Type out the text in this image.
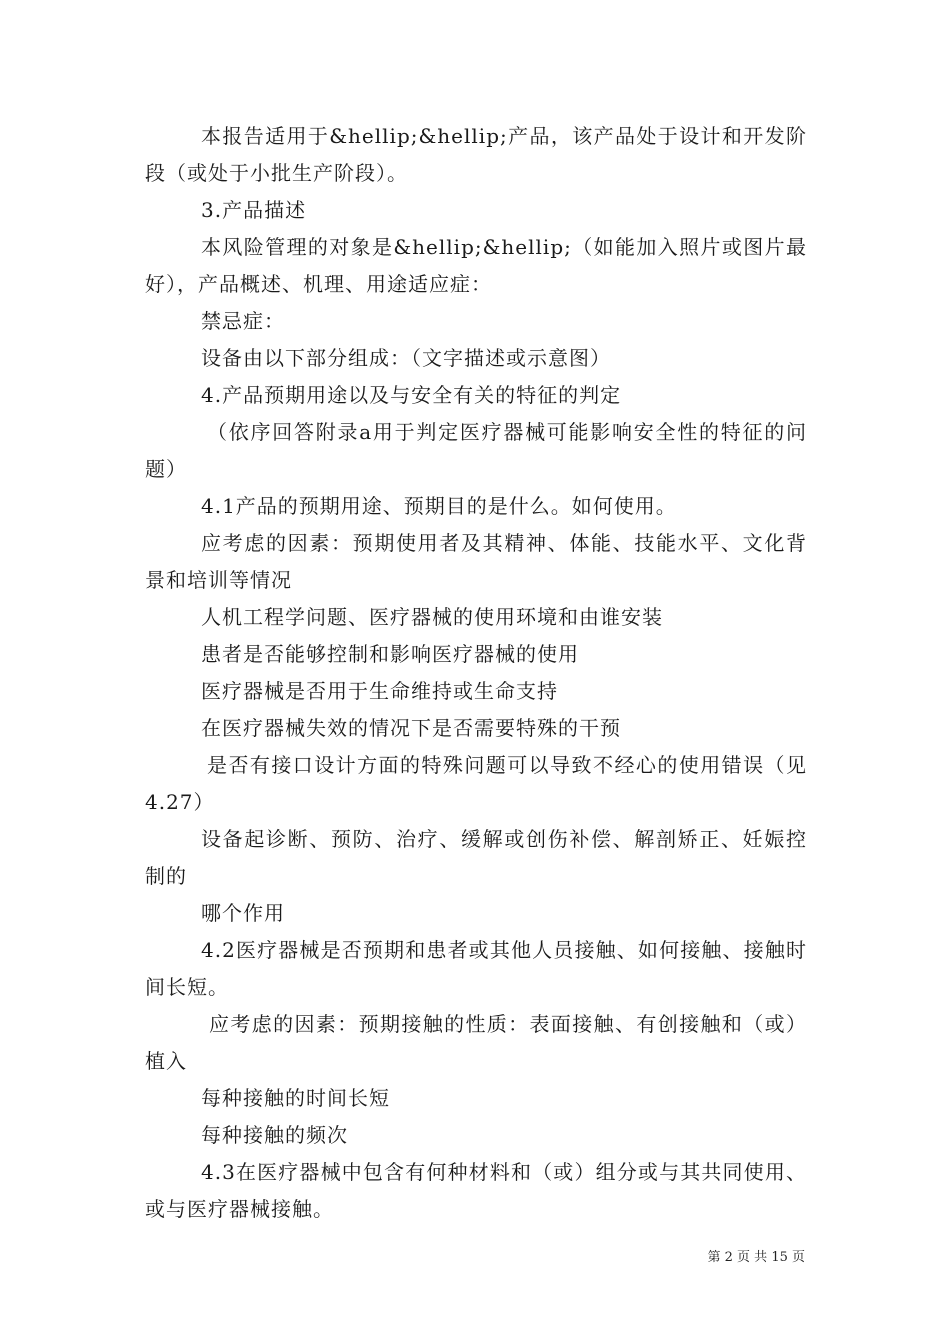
本报告适用于&hellip;&hellip;产品，该产品处于设计和开发阶段（或处于小批生产阶段）。

3.产品描述

本风险管理的对象是&hellip;&hellip;（如能加入照片或图片最好），产品概述、机理、用途适应症：

禁忌症：

设备由以下部分组成：（文字描述或示意图）

4.产品预期用途以及与安全有关的特征的判定

（依序回答附录a用于判定医疗器械可能影响安全性的特征的问题）

4.1产品的预期用途、预期目的是什么。如何使用。

应考虑的因素：预期使用者及其精神、体能、技能水平、文化背景和培训等情况

人机工程学问题、医疗器械的使用环境和由谁安装

患者是否能够控制和影响医疗器械的使用

医疗器械是否用于生命维持或生命支持

在医疗器械失效的情况下是否需要特殊的干预

是否有接口设计方面的特殊问题可以导致不经心的使用错误（见4.27）

设备起诊断、预防、治疗、缓解或创伤补偿、解剖矫正、妊娠控制的

哪个作用

4.2医疗器械是否预期和患者或其他人员接触、如何接触、接触时间长短。

应考虑的因素：预期接触的性质：表面接触、有创接触和（或）植入

每种接触的时间长短

每种接触的频次

4.3在医疗器械中包含有何种材料和（或）组分或与其共同使用、或与医疗器械接触。

第 2 页 共 15 页
